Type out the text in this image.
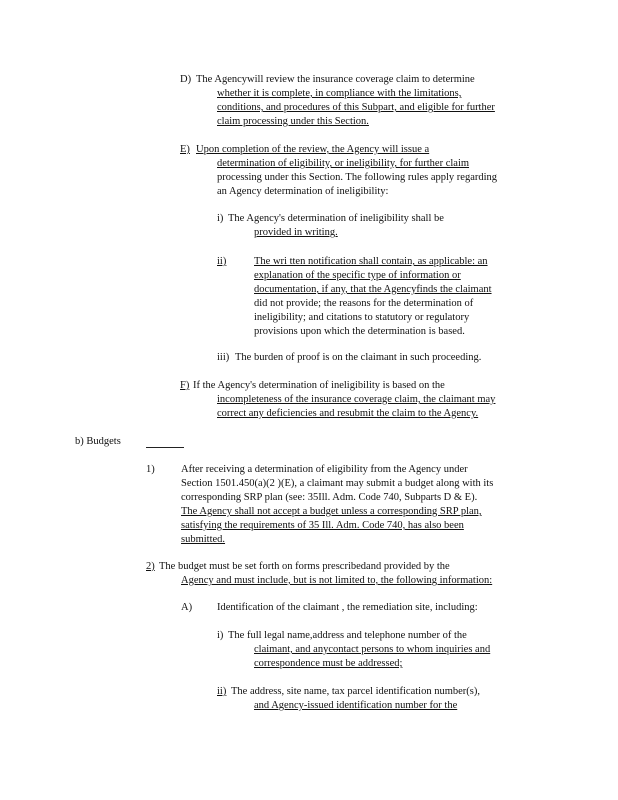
D) The Agencywill review the insurance coverage claim to determine
whether it is complete, in compliance with the limitations,
conditions, and procedures of this Subpart, and eligible for further
claim processing under this Section.
E) Upon completion of the review, the Agency will issue a
determination of eligibility, or ineligibility, for further claim
processing under this Section. The following rules apply regarding
an Agency determination of ineligibility:
i) The Agency's determination of ineligibility shall be
provided in writing.
ii)	The wri tten notification shall contain, as applicable: an
explanation of the specific type of information or
documentation, if any, that the Agencyfinds the claimant
did not provide; the reasons for the determination of
ineligibility; and citations to statutory or regulatory
provisions upon which the determination is based.
iii) The burden of proof is on the claimant in such proceeding.
F) If the Agency's determination of ineligibility is based on the
incompleteness of the insurance coverage claim, the claimant may
correct any deficiencies and resubmit the claim to the Agency.
b) Budgets
1)	After receiving a determination of eligibility from the Agency under
Section 1501.450(a)(2 )(E), a claimant may submit a budget along with its
corresponding SRP plan (see: 35Ill. Adm. Code 740, Subparts D & E).
The Agency shall not accept a budget unless a corresponding SRP plan,
satisfying the requirements of 35 Ill. Adm. Code 740, has also been
submitted.
2) The budget must be set forth on forms prescribedand provided by the
Agency and must include, but is not limited to, the following information:
A) Identification of the claimant , the remediation site, including:
i) The full legal name,address and telephone number of the
claimant, and anycontact persons to whom inquiries and
correspondence must be addressed;
ii) The address, site name, tax parcel identification number(s),
and Agency-issued identification number for the
